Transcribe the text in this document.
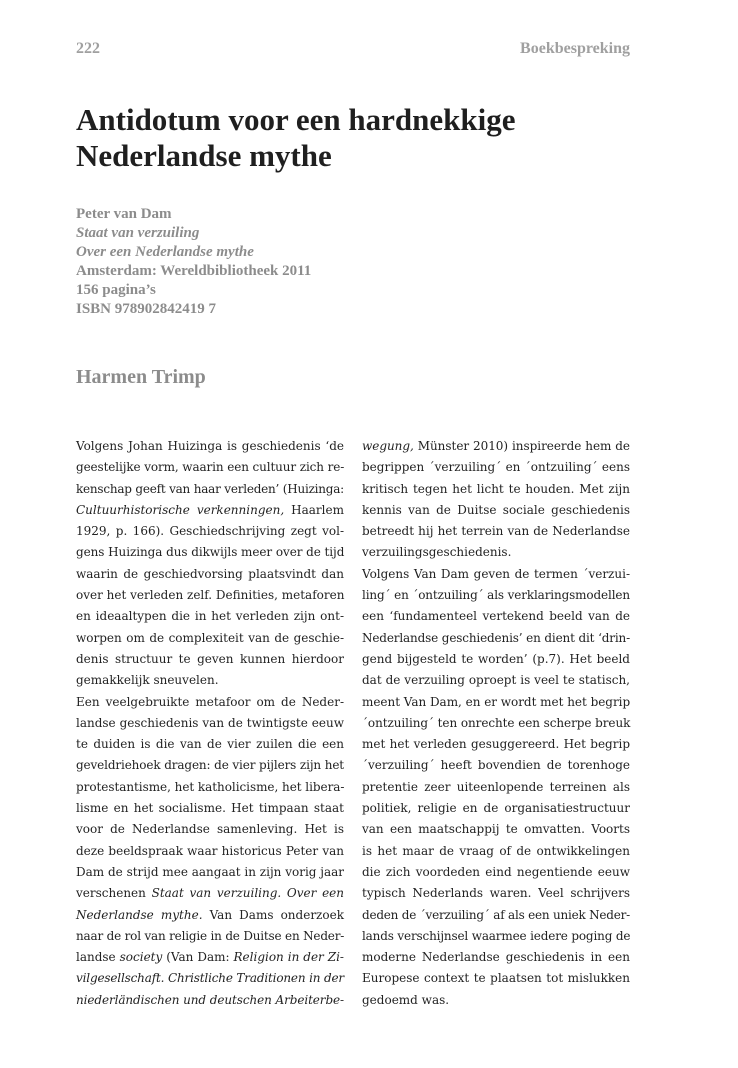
222	Boekbespreking
Antidotum voor een hardnekkige
Nederlandse mythe
Peter van Dam
Staat van verzuiling
Over een Nederlandse mythe
Amsterdam: Wereldbibliotheek 2011
156 pagina’s
ISBN 978902842419 7
Harmen Trimp
Volgens Johan Huizinga is geschiedenis ‘de
geestelijke vorm, waarin een cultuur zich re-
kenschap geeft van haar verleden’ (Huizinga:
Cultuurhistorische verkenningen, Haarlem
1929, p. 166). Geschiedschrijving zegt vol-
gens Huizinga dus dikwijls meer over de tijd
waarin de geschiedvorsing plaatsvindt dan
over het verleden zelf. Definities, metaforen
en ideaaltypen die in het verleden zijn ont-
worpen om de complexiteit van de geschie-
denis structuur te geven kunnen hierdoor
gemakkelijk sneuvelen.
Een veelgebruikte metafoor om de Neder-
landse geschiedenis van de twintigste eeuw
te duiden is die van de vier zuilen die een
geveldriehoek dragen: de vier pijlers zijn het
protestantisme, het katholicisme, het libera-
lisme en het socialisme. Het timpaan staat
voor de Nederlandse samenleving. Het is
deze beeldspraak waar historicus Peter van
Dam de strijd mee aangaat in zijn vorig jaar
verschenen Staat van verzuiling. Over een
Nederlandse mythe. Van Dams onderzoek
naar de rol van religie in de Duitse en Neder-
landse society (Van Dam: Religion in der Zi-
vilgesellschaft. Christliche Traditionen in der
niederländischen und deutschen Arbeiterbe-
wegung, Münster 2010) inspireerde hem de
begrippen ´verzuiling´ en ´ontzuiling´ eens
kritisch tegen het licht te houden. Met zijn
kennis van de Duitse sociale geschiedenis
betreedt hij het terrein van de Nederlandse
verzuilingsgeschiedenis.
Volgens Van Dam geven de termen ´verzui-
ling´ en ´ontzuiling´ als verklaringsmodellen
een ‘fundamenteel vertekend beeld van de
Nederlandse geschiedenis’ en dient dit ‘drin-
gend bijgesteld te worden’ (p.7). Het beeld
dat de verzuiling oproept is veel te statisch,
meent Van Dam, en er wordt met het begrip
´ontzuiling´ ten onrechte een scherpe breuk
met het verleden gesuggereerd. Het begrip
´verzuiling´ heeft bovendien de torenhoge
pretentie zeer uiteenlopende terreinen als
politiek, religie en de organisatiestructuur
van een maatschappij te omvatten. Voorts
is het maar de vraag of de ontwikkelingen
die zich voordeden eind negentiende eeuw
typisch Nederlands waren. Veel schrijvers
deden de ´verzuiling´ af als een uniek Neder-
lands verschijnsel waarmee iedere poging de
moderne Nederlandse geschiedenis in een
Europese context te plaatsen tot mislukken
gedoemd was.
